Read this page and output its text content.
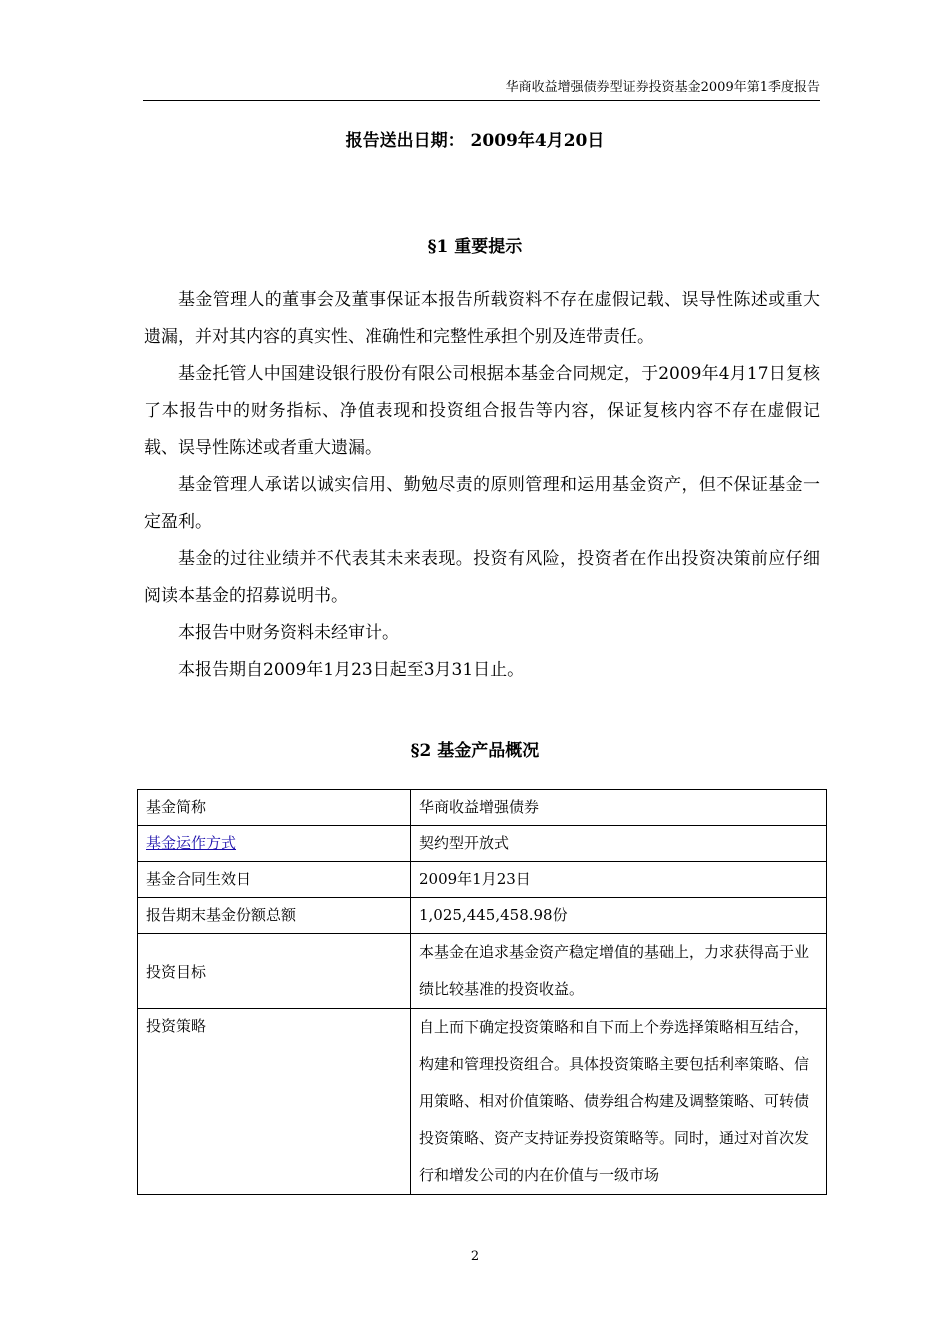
华商收益增强债券型证券投资基金2009年第1季度报告
报告送出日期： 2009年4月20日
§1 重要提示

基金管理人的董事会及董事保证本报告所载资料不存在虚假记载、误导性陈述或重大遗漏，并对其内容的真实性、准确性和完整性承担个别及连带责任。

基金托管人中国建设银行股份有限公司根据本基金合同规定，于2009年4月17日复核了本报告中的财务指标、净值表现和投资组合报告等内容，保证复核内容不存在虚假记载、误导性陈述或者重大遗漏。

基金管理人承诺以诚实信用、勤勉尽责的原则管理和运用基金资产，但不保证基金一定盈利。

基金的过往业绩并不代表其未来表现。投资有风险，投资者在作出投资决策前应仔细阅读本基金的招募说明书。

本报告中财务资料未经审计。

本报告期自2009年1月23日起至3月31日止。

§2 基金产品概况
基金简称	华商收益增强债券
基金运作方式	契约型开放式
基金合同生效日	2009年1月23日
报告期末基金份额总额	1,025,445,458.98份
投资目标	本基金在追求基金资产稳定增值的基础上，力求获得高于业绩比较基准的投资收益。
投资策略	自上而下确定投资策略和自下而上个券选择策略相互结合，构建和管理投资组合。具体投资策略主要包括利率策略、信用策略、相对价值策略、债券组合构建及调整策略、可转债投资策略、资产支持证券投资策略等。同时，通过对首次发行和增发公司的内在价值与一级市场
2
